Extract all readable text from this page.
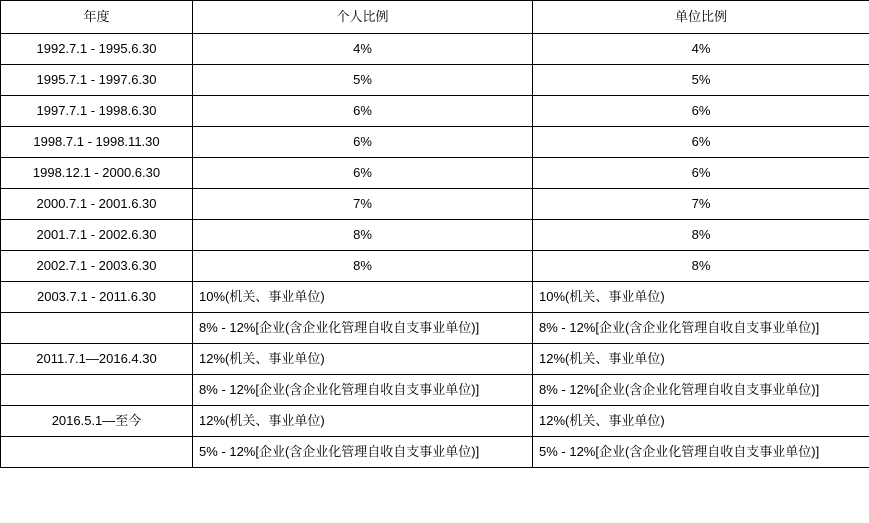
年度	个人比例	单位比例
1992.7.1 - 1995.6.30	4%	4%
1995.7.1 - 1997.6.30	5%	5%
1997.7.1 - 1998.6.30	6%	6%
1998.7.1 - 1998.11.30	6%	6%
1998.12.1 - 2000.6.30	6%	6%
2000.7.1 - 2001.6.30	7%	7%
2001.7.1 - 2002.6.30	8%	8%
2002.7.1 - 2003.6.30	8%	8%
2003.7.1 - 2011.6.30	10%(机关、事业单位)	10%(机关、事业单位)
	8% - 12%[企业(含企业化管理自收自支事业单位)]	8% - 12%[企业(含企业化管理自收自支事业单位)]
2011.7.1—2016.4.30	12%(机关、事业单位)	12%(机关、事业单位)
	8% - 12%[企业(含企业化管理自收自支事业单位)]	8% - 12%[企业(含企业化管理自收自支事业单位)]
2016.5.1—至今	12%(机关、事业单位)	12%(机关、事业单位)
	5% - 12%[企业(含企业化管理自收自支事业单位)]	5% - 12%[企业(含企业化管理自收自支事业单位)]
